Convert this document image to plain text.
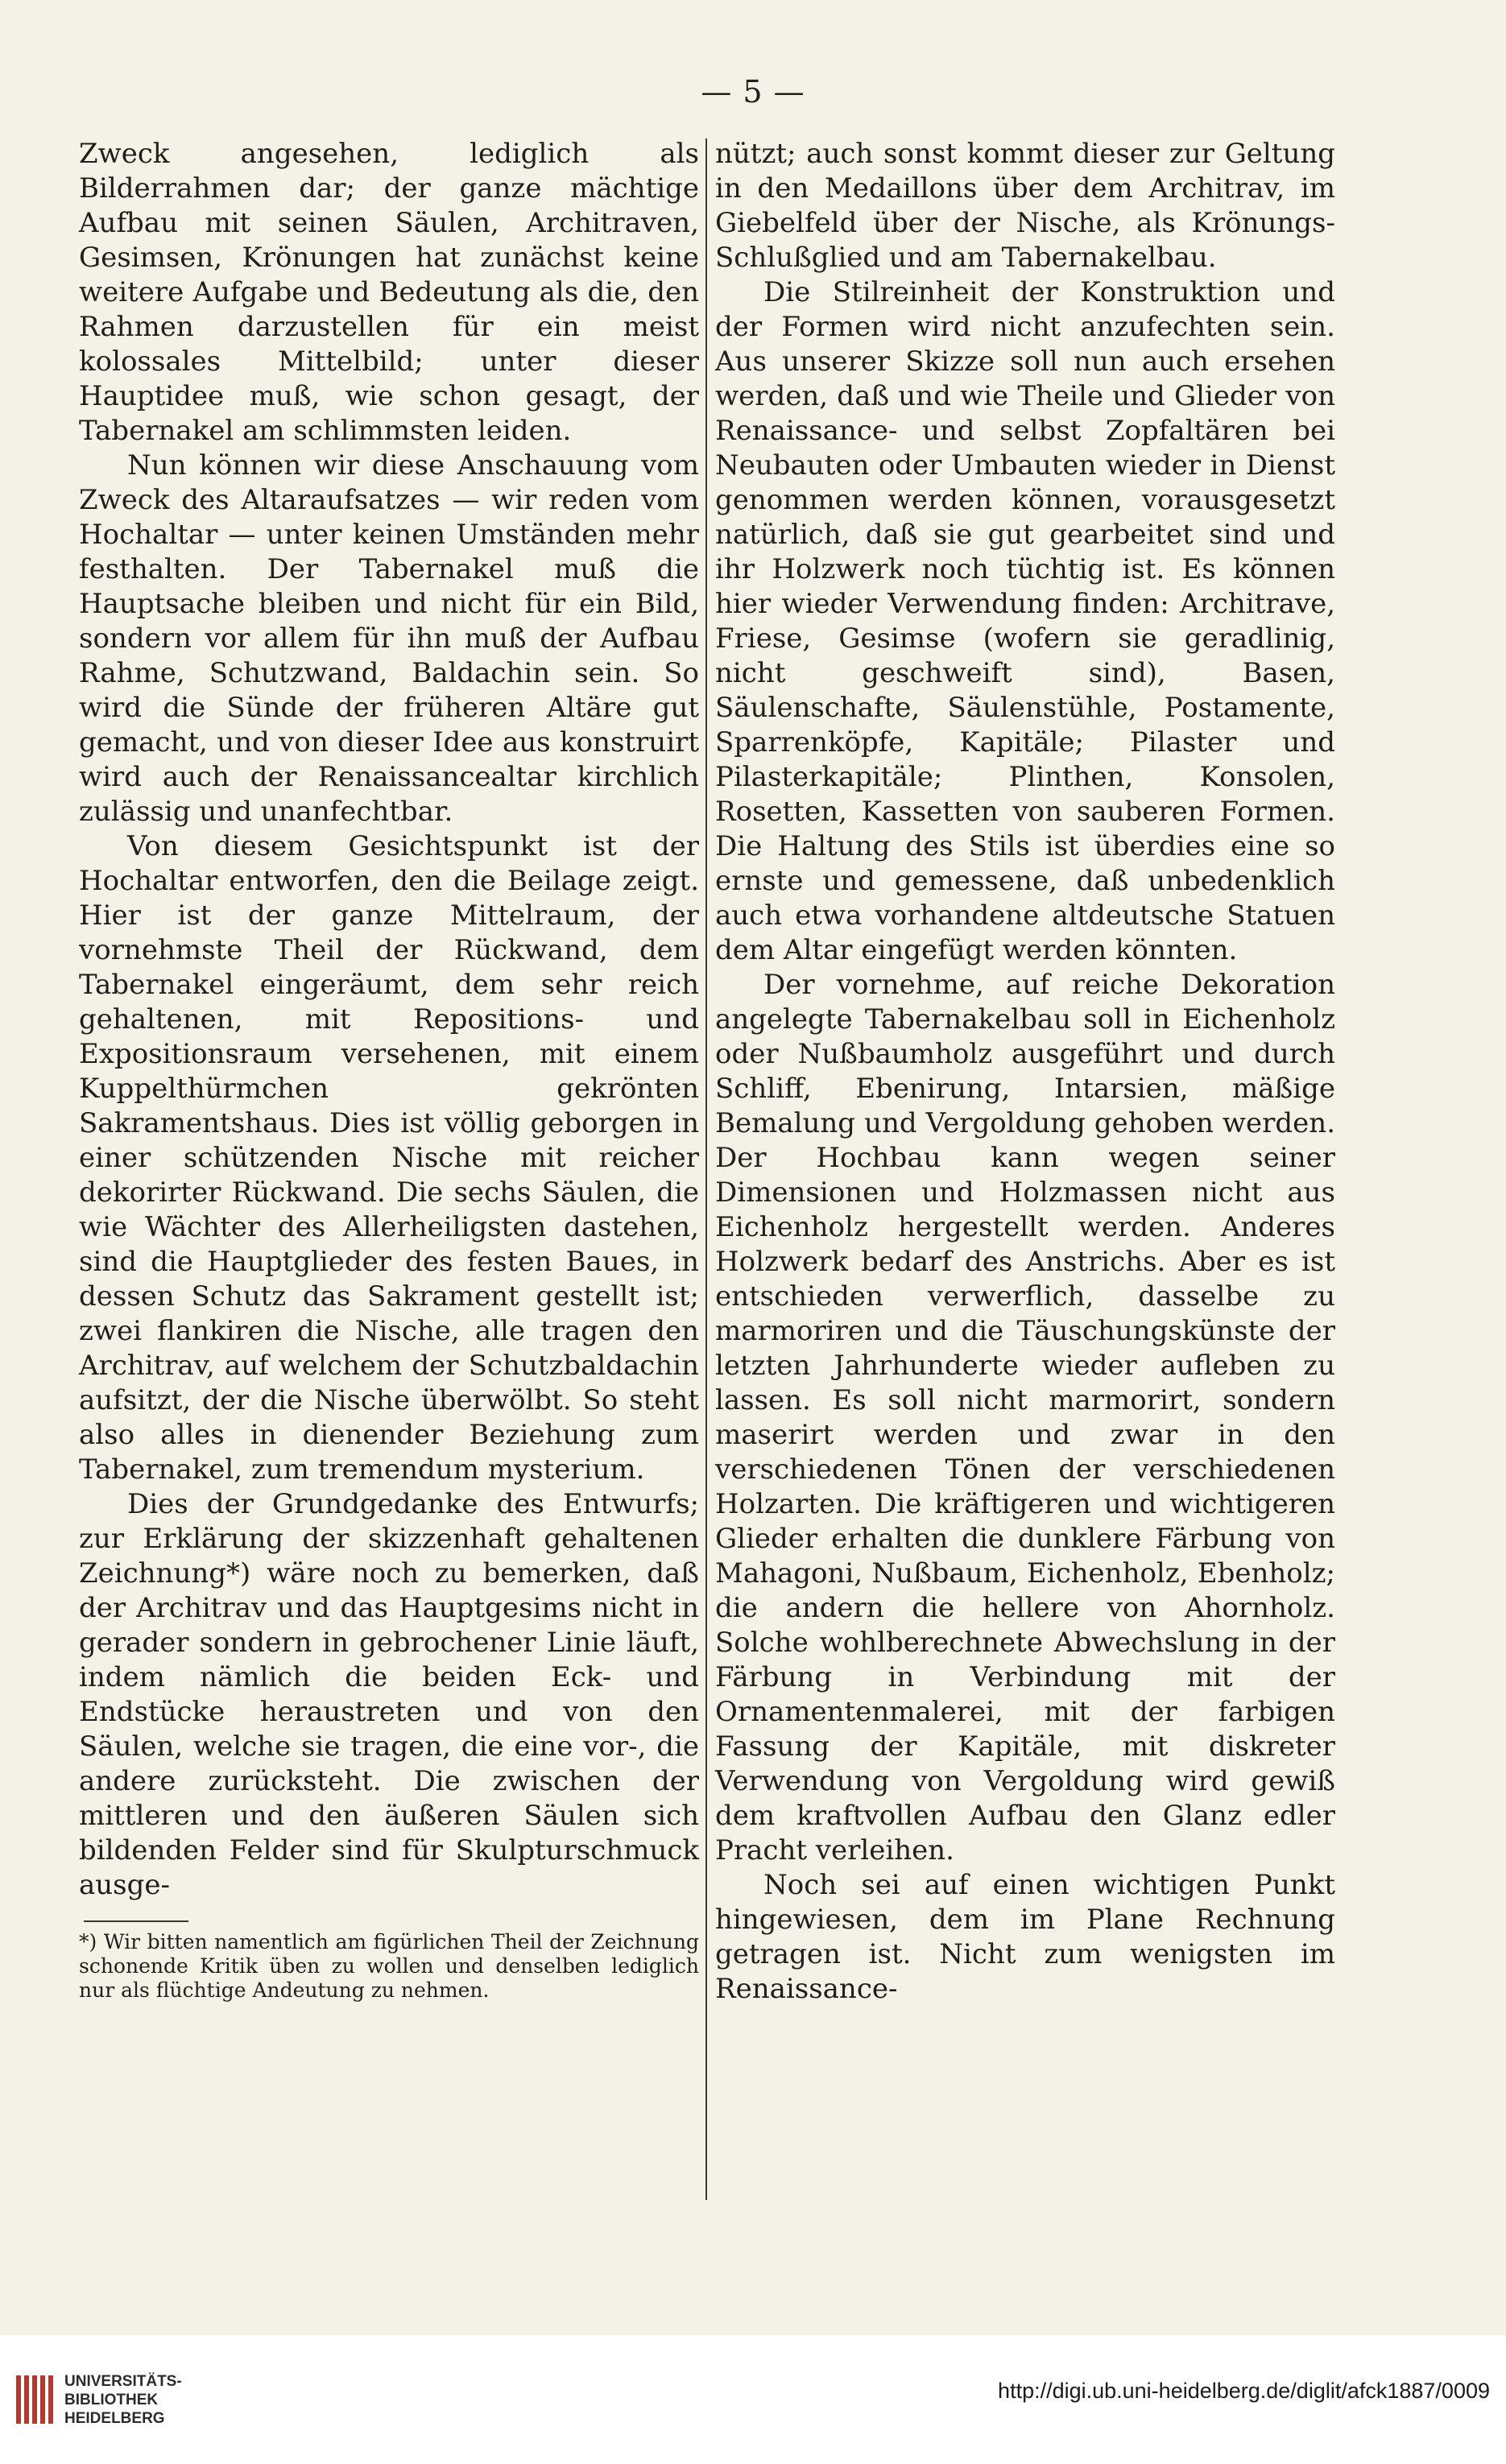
— 5 —

Zweck angesehen, lediglich als Bilderrahmen dar; der ganze mächtige Aufbau mit seinen Säulen, Architraven, Gesimsen, Krönungen hat zunächst keine weitere Aufgabe und Bedeutung als die, den Rahmen darzustellen für ein meist kolossales Mittelbild; unter dieser Hauptidee muß, wie schon gesagt, der Tabernakel am schlimmsten leiden.

Nun können wir diese Anschauung vom Zweck des Altaraufsatzes — wir reden vom Hochaltar — unter keinen Umständen mehr festhalten. Der Tabernakel muß die Hauptsache bleiben und nicht für ein Bild, sondern vor allem für ihn muß der Aufbau Rahme, Schutzwand, Baldachin sein. So wird die Sünde der früheren Altäre gut gemacht, und von dieser Idee aus konstruirt wird auch der Renaissancealtar kirchlich zulässig und unanfechtbar.

Von diesem Gesichtspunkt ist der Hochaltar entworfen, den die Beilage zeigt. Hier ist der ganze Mittelraum, der vornehmste Theil der Rückwand, dem Tabernakel eingeräumt, dem sehr reich gehaltenen, mit Repositions- und Expositionsraum versehenen, mit einem Kuppelthürmchen gekrönten Sakramentshaus. Dies ist völlig geborgen in einer schützenden Nische mit reicher dekorirter Rückwand. Die sechs Säulen, die wie Wächter des Allerheiligsten dastehen, sind die Hauptglieder des festen Baues, in dessen Schutz das Sakrament gestellt ist; zwei flankiren die Nische, alle tragen den Architrav, auf welchem der Schutzbaldachin aufsitzt, der die Nische überwölbt. So steht also alles in dienender Beziehung zum Tabernakel, zum tremendum mysterium.

Dies der Grundgedanke des Entwurfs; zur Erklärung der skizzenhaft gehaltenen Zeichnung*) wäre noch zu bemerken, daß der Architrav und das Hauptgesims nicht in gerader sondern in gebrochener Linie läuft, indem nämlich die beiden Eck- und Endstücke heraustreten und von den Säulen, welche sie tragen, die eine vor-, die andere zurücksteht. Die zwischen der mittleren und den äußeren Säulen sich bildenden Felder sind für Skulpturschmuck ausge-

*) Wir bitten namentlich am figürlichen Theil der Zeichnung schonende Kritik üben zu wollen und denselben lediglich nur als flüchtige Andeutung zu nehmen.

nützt; auch sonst kommt dieser zur Geltung in den Medaillons über dem Architrav, im Giebelfeld über der Nische, als Krönungs-Schlußglied und am Tabernakelbau.

Die Stilreinheit der Konstruktion und der Formen wird nicht anzufechten sein. Aus unserer Skizze soll nun auch ersehen werden, daß und wie Theile und Glieder von Renaissance- und selbst Zopfaltären bei Neubauten oder Umbauten wieder in Dienst genommen werden können, vorausgesetzt natürlich, daß sie gut gearbeitet sind und ihr Holzwerk noch tüchtig ist. Es können hier wieder Verwendung finden: Architrave, Friese, Gesimse (wofern sie geradlinig, nicht geschweift sind), Basen, Säulenschafte, Säulenstühle, Postamente, Sparrenköpfe, Kapitäle; Pilaster und Pilasterkapitäle; Plinthen, Konsolen, Rosetten, Kassetten von sauberen Formen. Die Haltung des Stils ist überdies eine so ernste und gemessene, daß unbedenklich auch etwa vorhandene altdeutsche Statuen dem Altar eingefügt werden könnten.

Der vornehme, auf reiche Dekoration angelegte Tabernakelbau soll in Eichenholz oder Nußbaumholz ausgeführt und durch Schliff, Ebenirung, Intarsien, mäßige Bemalung und Vergoldung gehoben werden. Der Hochbau kann wegen seiner Dimensionen und Holzmassen nicht aus Eichenholz hergestellt werden. Anderes Holzwerk bedarf des Anstrichs. Aber es ist entschieden verwerflich, dasselbe zu marmoriren und die Täuschungskünste der letzten Jahrhunderte wieder aufleben zu lassen. Es soll nicht marmorirt, sondern maserirt werden und zwar in den verschiedenen Tönen der verschiedenen Holzarten. Die kräftigeren und wichtigeren Glieder erhalten die dunklere Färbung von Mahagoni, Nußbaum, Eichenholz, Ebenholz; die andern die hellere von Ahornholz. Solche wohlberechnete Abwechslung in der Färbung in Verbindung mit der Ornamentenmalerei, mit der farbigen Fassung der Kapitäle, mit diskreter Verwendung von Vergoldung wird gewiß dem kraftvollen Aufbau den Glanz edler Pracht verleihen.

Noch sei auf einen wichtigen Punkt hingewiesen, dem im Plane Rechnung getragen ist. Nicht zum wenigsten im Renaissance-

UNIVERSITÄTS-
BIBLIOTHEK
HEIDELBERG
http://digi.ub.uni-heidelberg.de/diglit/afck1887/0009
